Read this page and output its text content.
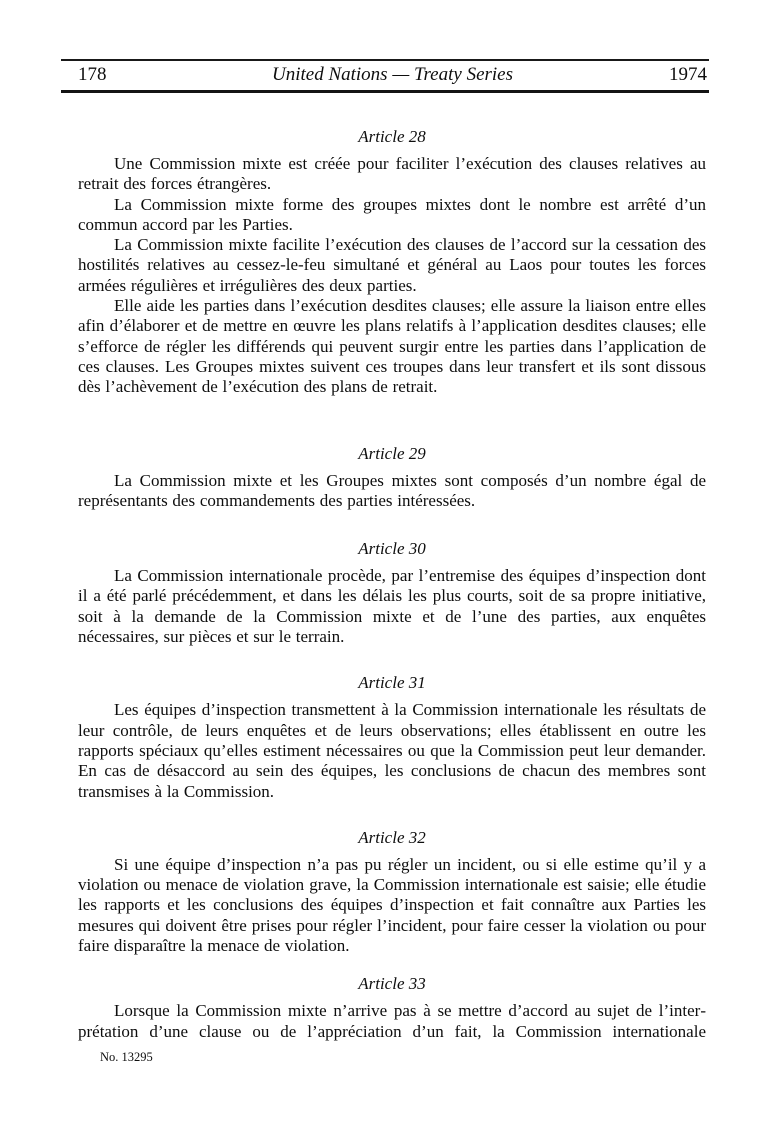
178	United Nations — Treaty Series	1974
Article 28

Une Commission mixte est créée pour faciliter l’exécution des clauses relatives au retrait des forces étrangères.

La Commission mixte forme des groupes mixtes dont le nombre est arrêté d’un commun accord par les Parties.

La Commission mixte facilite l’exécution des clauses de l’accord sur la cessation des hostilités relatives au cessez-le-feu simultané et général au Laos pour toutes les forces armées régulières et irrégulières des deux parties.

Elle aide les parties dans l’exécution desdites clauses; elle assure la liaison entre elles afin d’élaborer et de mettre en œuvre les plans relatifs à l’application desdites clauses; elle s’efforce de régler les différends qui peuvent surgir entre les parties dans l’application de ces clauses. Les Groupes mixtes suivent ces troupes dans leur transfert et ils sont dissous dès l’achèvement de l’exécution des plans de retrait.

Article 29

La Commission mixte et les Groupes mixtes sont composés d’un nombre égal de représentants des commandements des parties intéressées.

Article 30

La Commission internationale procède, par l’entremise des équipes d’inspection dont il a été parlé précédemment, et dans les délais les plus courts, soit de sa propre initiative, soit à la demande de la Commission mixte et de l’une des parties, aux enquêtes nécessaires, sur pièces et sur le terrain.

Article 31

Les équipes d’inspection transmettent à la Commission internationale les résultats de leur contrôle, de leurs enquêtes et de leurs observations; elles établissent en outre les rapports spéciaux qu’elles estiment nécessaires ou que la Commission peut leur demander. En cas de désaccord au sein des équipes, les conclusions de chacun des membres sont transmises à la Commission.

Article 32

Si une équipe d’inspection n’a pas pu régler un incident, ou si elle estime qu’il y a violation ou menace de violation grave, la Commission internationale est saisie; elle étudie les rapports et les conclusions des équipes d’inspection et fait connaître aux Parties les mesures qui doivent être prises pour régler l’incident, pour faire cesser la violation ou pour faire disparaître la menace de violation.

Article 33

Lorsque la Commission mixte n’arrive pas à se mettre d’accord au sujet de l’interprétation d’une clause ou de l’appréciation d’un fait, la Commission internationale

No. 13295
